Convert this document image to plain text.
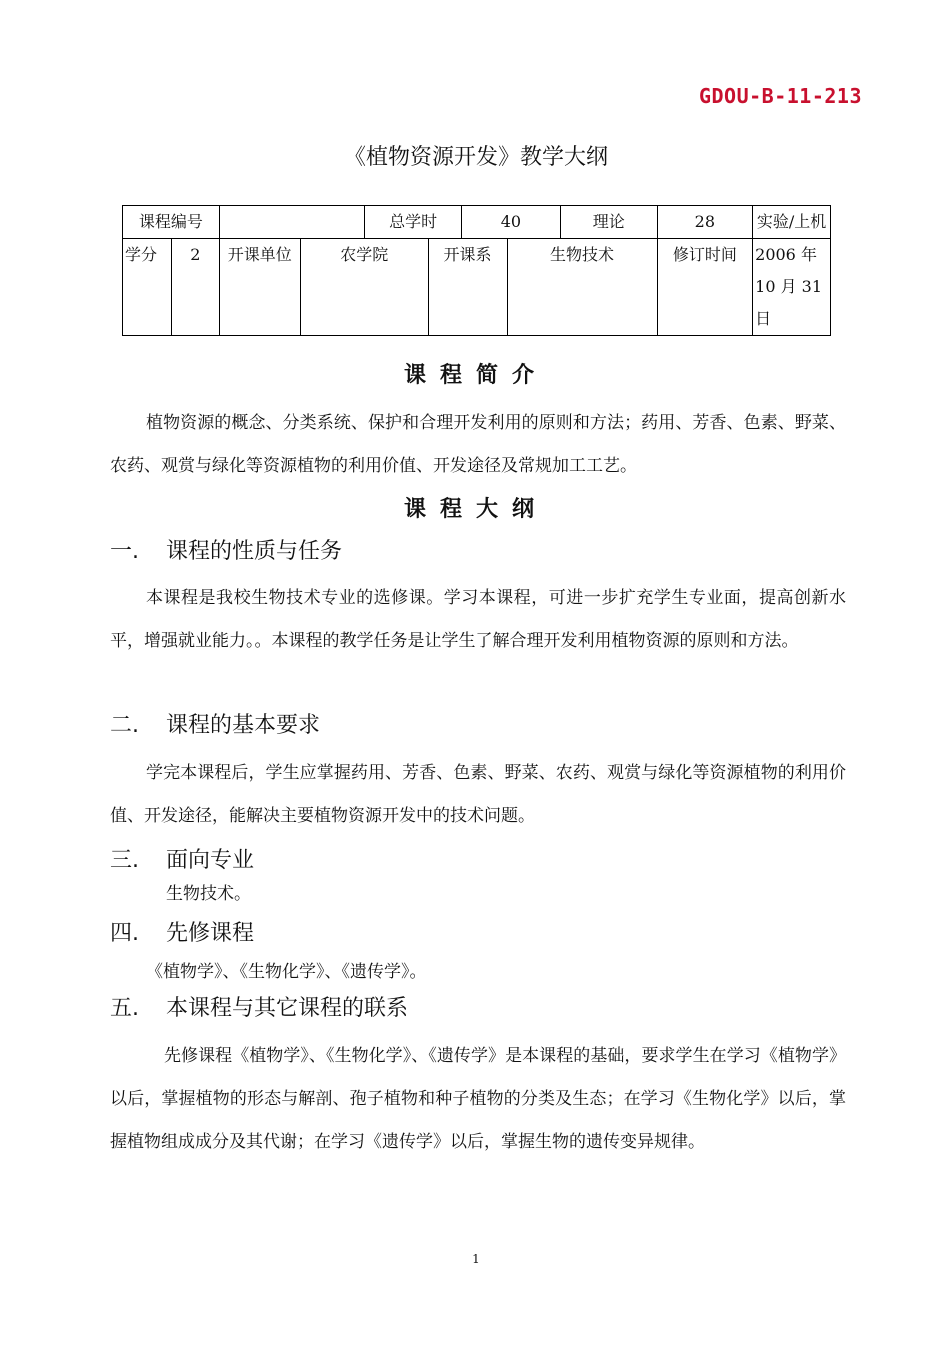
GDOU-B-11-213
《植物资源开发》教学大纲
课程编号				总学时		40		理论	28	实验/上机
学分	2	开课单位	农学院		开课系		生物技术		修订时间	2006 年 10 月 31 日
课程简介
植物资源的概念、分类系统、保护和合理开发利用的原则和方法；药用、芳香、色素、野菜、农药、观赏与绿化等资源植物的利用价值、开发途径及常规加工工艺。
课程大纲
一. 课程的性质与任务
本课程是我校生物技术专业的选修课。学习本课程，可进一步扩充学生专业面，提高创新水平，增强就业能力。。本课程的教学任务是让学生了解合理开发利用植物资源的原则和方法。
二. 课程的基本要求
学完本课程后，学生应掌握药用、芳香、色素、野菜、农药、观赏与绿化等资源植物的利用价值、开发途径，能解决主要植物资源开发中的技术问题。
三. 面向专业
生物技术。
四. 先修课程
《植物学》、《生物化学》、《遗传学》。
五. 本课程与其它课程的联系
先修课程《植物学》、《生物化学》、《遗传学》是本课程的基础，要求学生在学习《植物学》以后，掌握植物的形态与解剖、孢子植物和种子植物的分类及生态；在学习《生物化学》以后，掌握植物组成成分及其代谢；在学习《遗传学》以后，掌握生物的遗传变异规律。
1
